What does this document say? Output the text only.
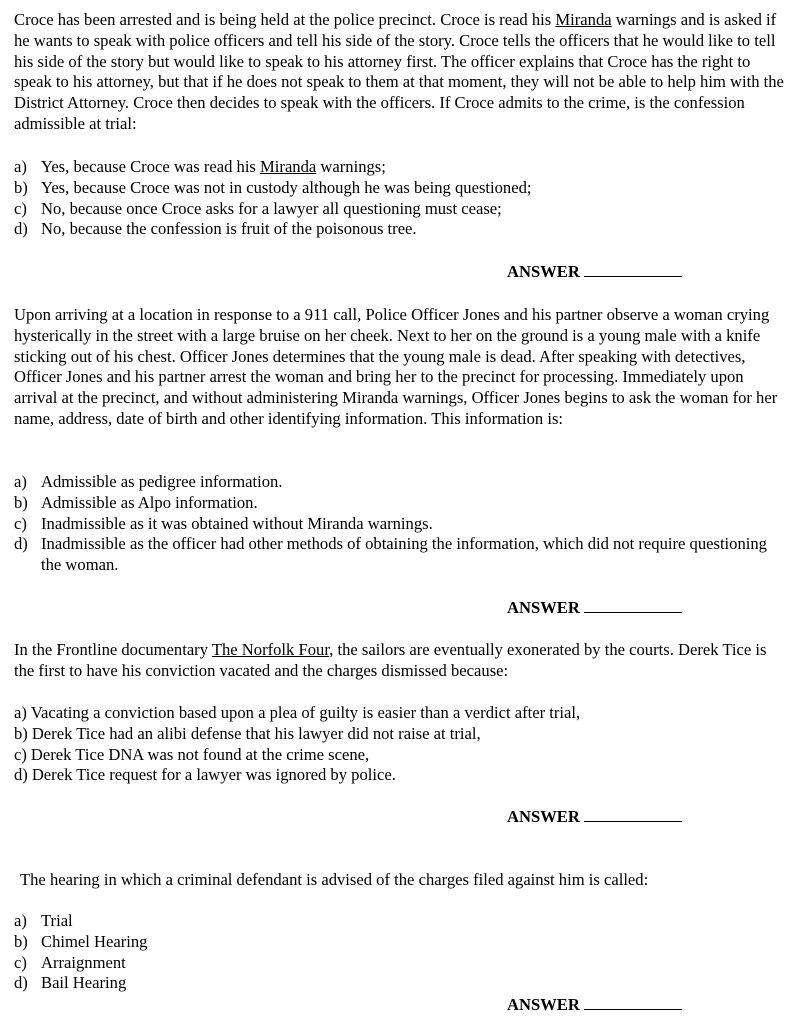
Croce has been arrested and is being held at the police precinct. Croce is read his Miranda warnings and is asked if he wants to speak with police officers and tell his side of the story. Croce tells the officers that he would like to tell his side of the story but would like to speak to his attorney first. The officer explains that Croce has the right to speak to his attorney, but that if he does not speak to them at that moment, they will not be able to help him with the District Attorney. Croce then decides to speak with the officers. If Croce admits to the crime, is the confession admissible at trial:

a) Yes, because Croce was read his Miranda warnings;
b) Yes, because Croce was not in custody although he was being questioned;
c) No, because once Croce asks for a lawyer all questioning must cease;
d) No, because the confession is fruit of the poisonous tree.
ANSWER

Upon arriving at a location in response to a 911 call, Police Officer Jones and his partner observe a woman crying hysterically in the street with a large bruise on her cheek. Next to her on the ground is a young male with a knife sticking out of his chest. Officer Jones determines that the young male is dead. After speaking with detectives, Officer Jones and his partner arrest the woman and bring her to the precinct for processing. Immediately upon arrival at the precinct, and without administering Miranda warnings, Officer Jones begins to ask the woman for her name, address, date of birth and other identifying information. This information is:

a) Admissible as pedigree information.
b) Admissible as Alpo information.
c) Inadmissible as it was obtained without Miranda warnings.
d) Inadmissible as the officer had other methods of obtaining the information, which did not require questioning the woman.
ANSWER

In the Frontline documentary The Norfolk Four, the sailors are eventually exonerated by the courts. Derek Tice is the first to have his conviction vacated and the charges dismissed because:

a) Vacating a conviction based upon a plea of guilty is easier than a verdict after trial,
b) Derek Tice had an alibi defense that his lawyer did not raise at trial,
c) Derek Tice DNA was not found at the crime scene,
d) Derek Tice request for a lawyer was ignored by police.
ANSWER

The hearing in which a criminal defendant is advised of the charges filed against him is called:

a) Trial
b) Chimel Hearing
c) Arraignment
d) Bail Hearing
ANSWER
